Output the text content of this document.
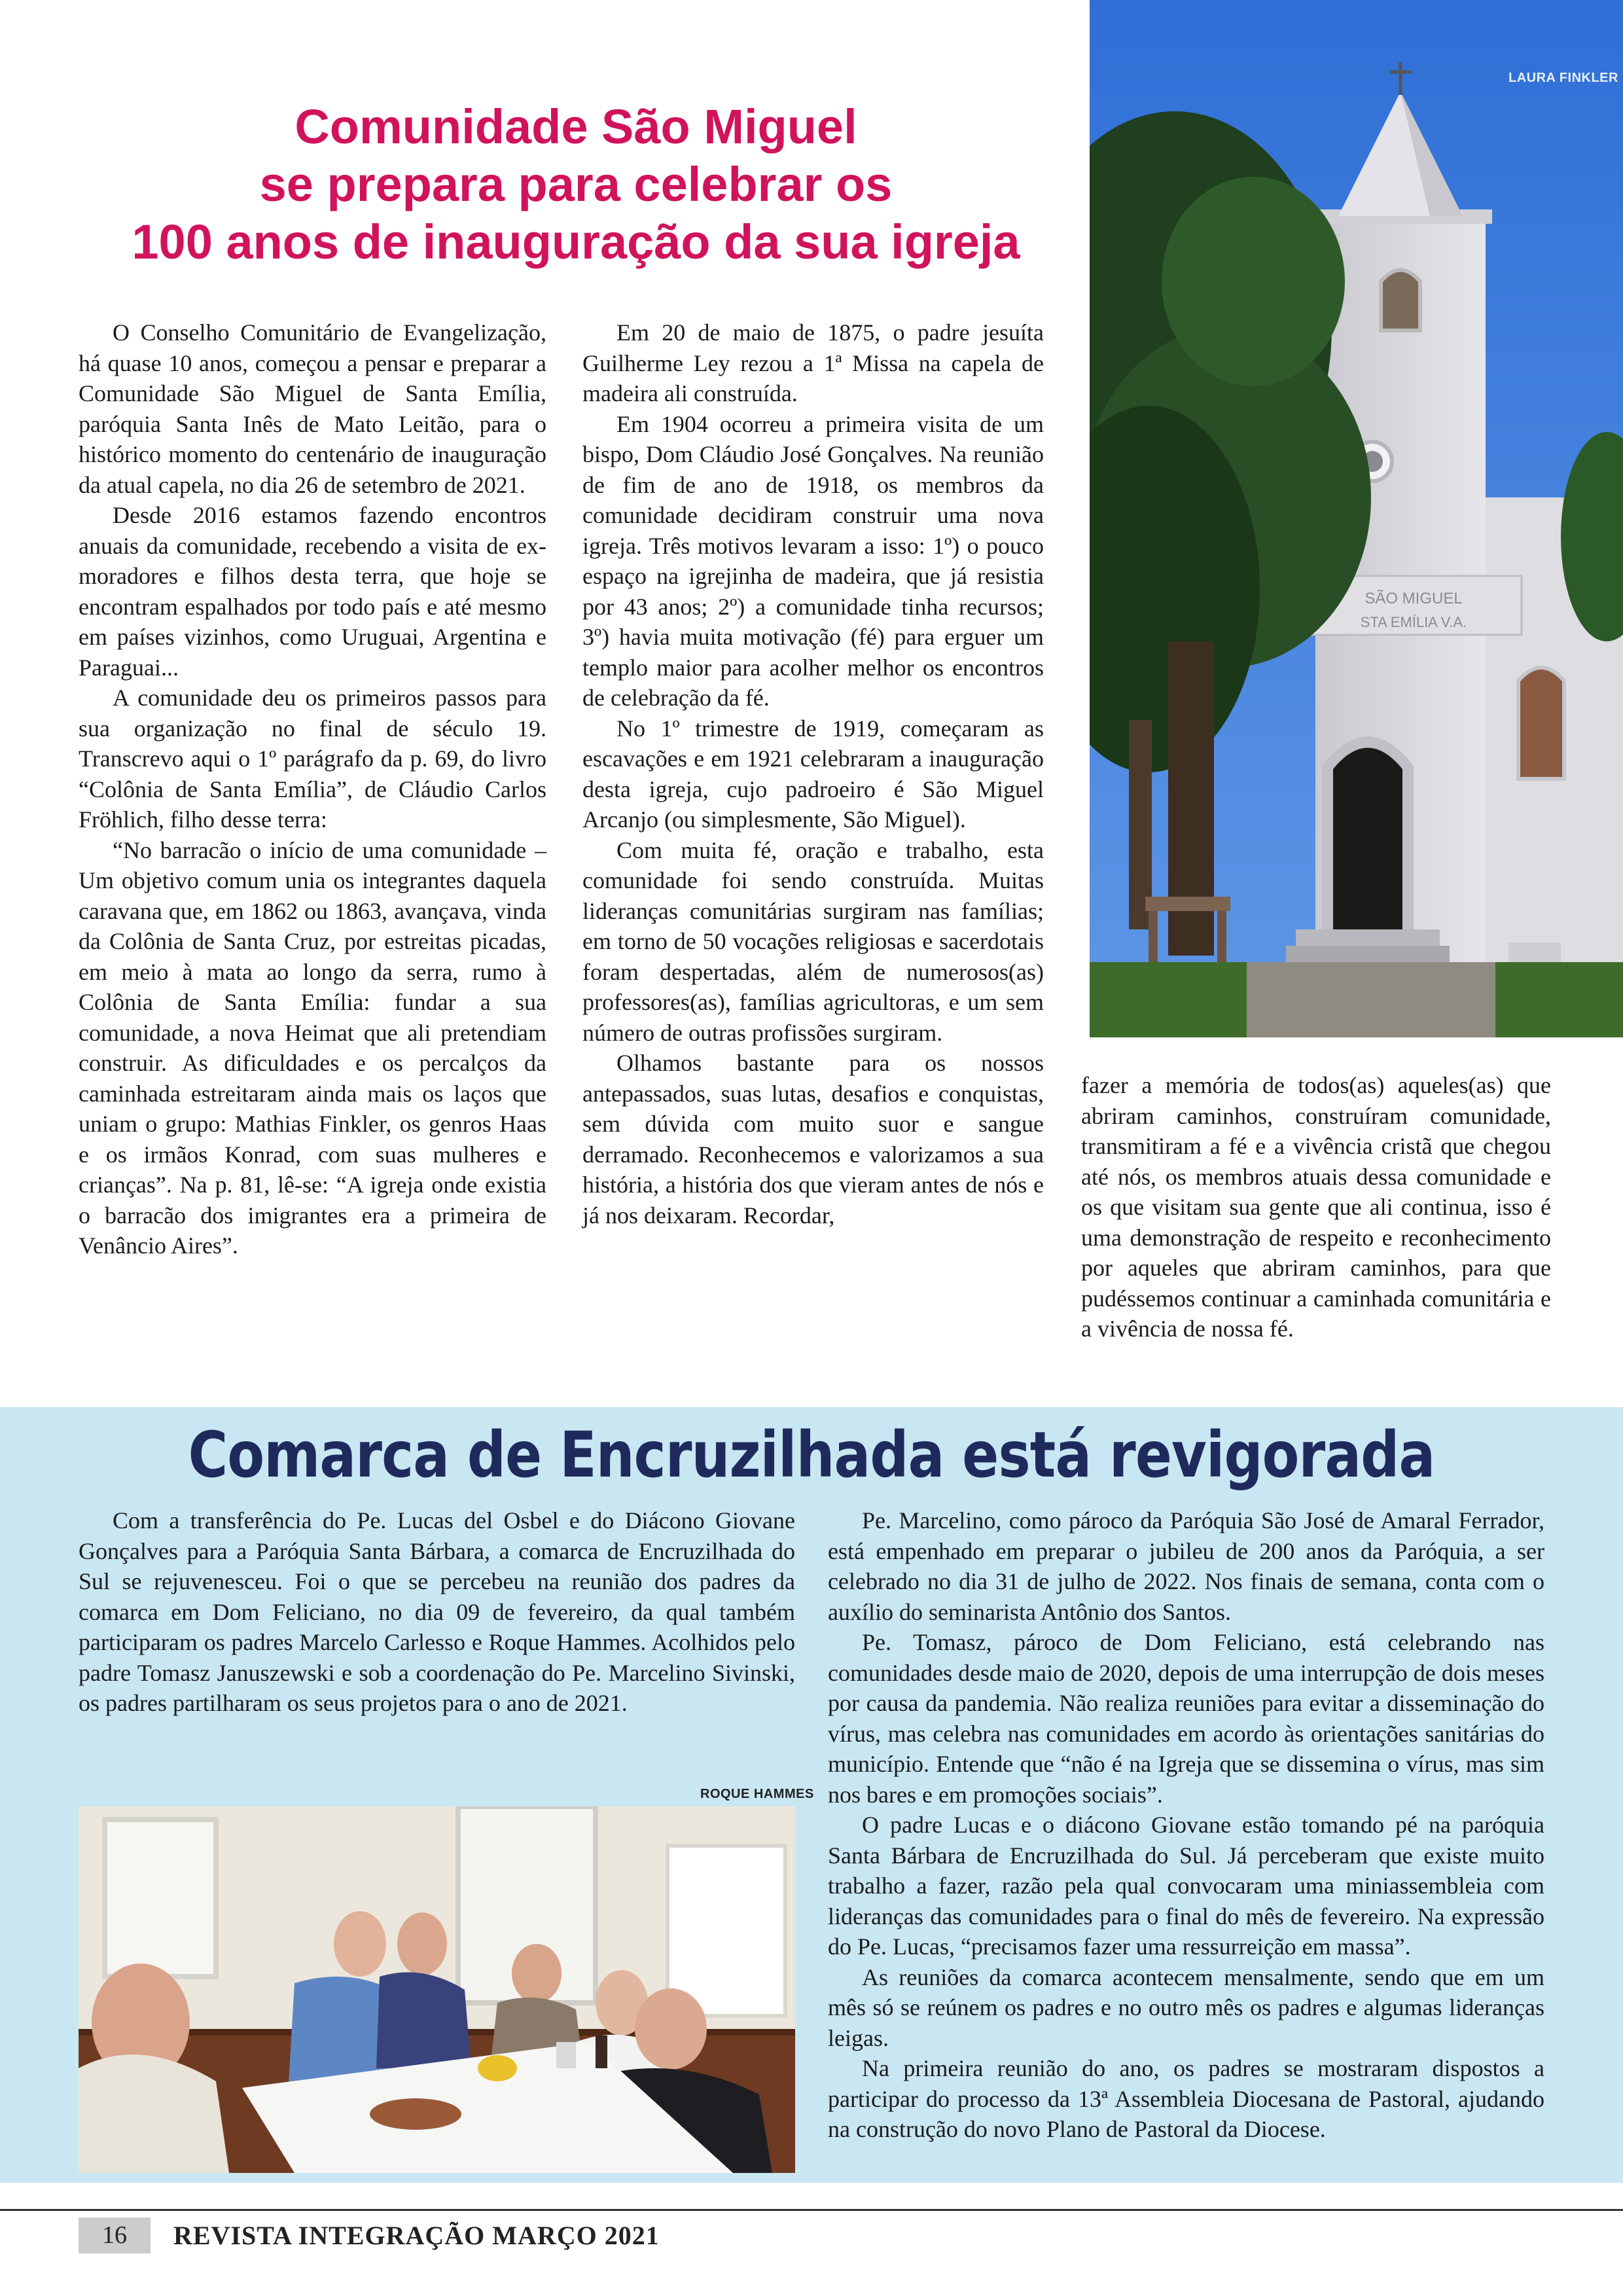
Comunidade São Miguel
se prepara para celebrar os
100 anos de inauguração da sua igreja

O Conselho Comunitário de Evangelização, há quase 10 anos, começou a pensar e preparar a Comunidade São Miguel de Santa Emília, paróquia Santa Inês de Mato Leitão, para o histórico momento do centenário de inauguração da atual capela, no dia 26 de setembro de 2021.

Desde 2016 estamos fazendo encontros anuais da comunidade, recebendo a visita de ex-moradores e filhos desta terra, que hoje se encontram espalhados por todo país e até mesmo em países vizinhos, como Uruguai, Argentina e Paraguai...

A comunidade deu os primeiros passos para sua organização no final de século 19. Transcrevo aqui o 1º parágrafo da p. 69, do livro “Colônia de Santa Emília”, de Cláudio Carlos Fröhlich, filho desse terra:

“No barracão o início de uma comunidade – Um objetivo comum unia os integrantes daquela caravana que, em 1862 ou 1863, avançava, vinda da Colônia de Santa Cruz, por estreitas picadas, em meio à mata ao longo da serra, rumo à Colônia de Santa Emília: fundar a sua comunidade, a nova Heimat que ali pretendiam construir. As dificuldades e os percalços da caminhada estreitaram ainda mais os laços que uniam o grupo: Mathias Finkler, os genros Haas e os irmãos Konrad, com suas mulheres e crianças”. Na p. 81, lê-se: “A igreja onde existia o barracão dos imigrantes era a primeira de Venâncio Aires”.

Em 20 de maio de 1875, o padre jesuíta Guilherme Ley rezou a 1ª Missa na capela de madeira ali construída.

Em 1904 ocorreu a primeira visita de um bispo, Dom Cláudio José Gonçalves. Na reunião de fim de ano de 1918, os membros da comunidade decidiram construir uma nova igreja. Três motivos levaram a isso: 1º) o pouco espaço na igrejinha de madeira, que já resistia por 43 anos; 2º) a comunidade tinha recursos; 3º) havia muita motivação (fé) para erguer um templo maior para acolher melhor os encontros de celebração da fé.

No 1º trimestre de 1919, começaram as escavações e em 1921 celebraram a inauguração desta igreja, cujo padroeiro é São Miguel Arcanjo (ou simplesmente, São Miguel).

Com muita fé, oração e trabalho, esta comunidade foi sendo construída. Muitas lideranças comunitárias surgiram nas famílias; em torno de 50 vocações religiosas e sacerdotais foram despertadas, além de numerosos(as) professores(as), famílias agricultoras, e um sem número de outras profissões surgiram.

Olhamos bastante para os nossos antepassados, suas lutas, desafios e conquistas, sem dúvida com muito suor e sangue derramado. Reconhecemos e valorizamos a sua história, a história dos que vieram antes de nós e já nos deixaram. Recordar,

fazer a memória de todos(as) aqueles(as) que abriram caminhos, construíram comunidade, transmitiram a fé e a vivência cristã que chegou até nós, os membros atuais dessa comunidade e os que visitam sua gente que ali continua, isso é uma demonstração de respeito e reconhecimento por aqueles que abriram caminhos, para que pudéssemos continuar a caminhada comunitária e a vivência de nossa fé.

SÃO MIGUEL
STA EMÍLIA V.A.
LAURA FINKLER
Comarca de Encruzilhada está revigorada

Com a transferência do Pe. Lucas del Osbel e do Diácono Giovane Gonçalves para a Paróquia Santa Bárbara, a comarca de Encruzilhada do Sul se rejuvenesceu. Foi o que se percebeu na reunião dos padres da comarca em Dom Feliciano, no dia 09 de fevereiro, da qual também participaram os padres Marcelo Carlesso e Roque Hammes. Acolhidos pelo padre Tomasz Januszewski e sob a coordenação do Pe. Marcelino Sivinski, os padres partilharam os seus projetos para o ano de 2021.

ROQUE HAMMES

Pe. Marcelino, como pároco da Paróquia São José de Amaral Ferrador, está empenhado em preparar o jubileu de 200 anos da Paróquia, a ser celebrado no dia 31 de julho de 2022. Nos finais de semana, conta com o auxílio do seminarista Antônio dos Santos.

Pe. Tomasz, pároco de Dom Feliciano, está celebrando nas comunidades desde maio de 2020, depois de uma interrupção de dois meses por causa da pandemia. Não realiza reuniões para evitar a disseminação do vírus, mas celebra nas comunidades em acordo às orientações sanitárias do município. Entende que “não é na Igreja que se dissemina o vírus, mas sim nos bares e em promoções sociais”.

O padre Lucas e o diácono Giovane estão tomando pé na paróquia Santa Bárbara de Encruzilhada do Sul. Já perceberam que existe muito trabalho a fazer, razão pela qual convocaram uma miniassembleia com lideranças das comunidades para o final do mês de fevereiro. Na expressão do Pe. Lucas, “precisamos fazer uma ressurreição em massa”.

As reuniões da comarca acontecem mensalmente, sendo que em um mês só se reúnem os padres e no outro mês os padres e algumas lideranças leigas.

Na primeira reunião do ano, os padres se mostraram dispostos a participar do processo da 13ª Assembleia Diocesana de Pastoral, ajudando na construção do novo Plano de Pastoral da Diocese.

16	REVISTA INTEGRAÇÃO MARÇO 2021
